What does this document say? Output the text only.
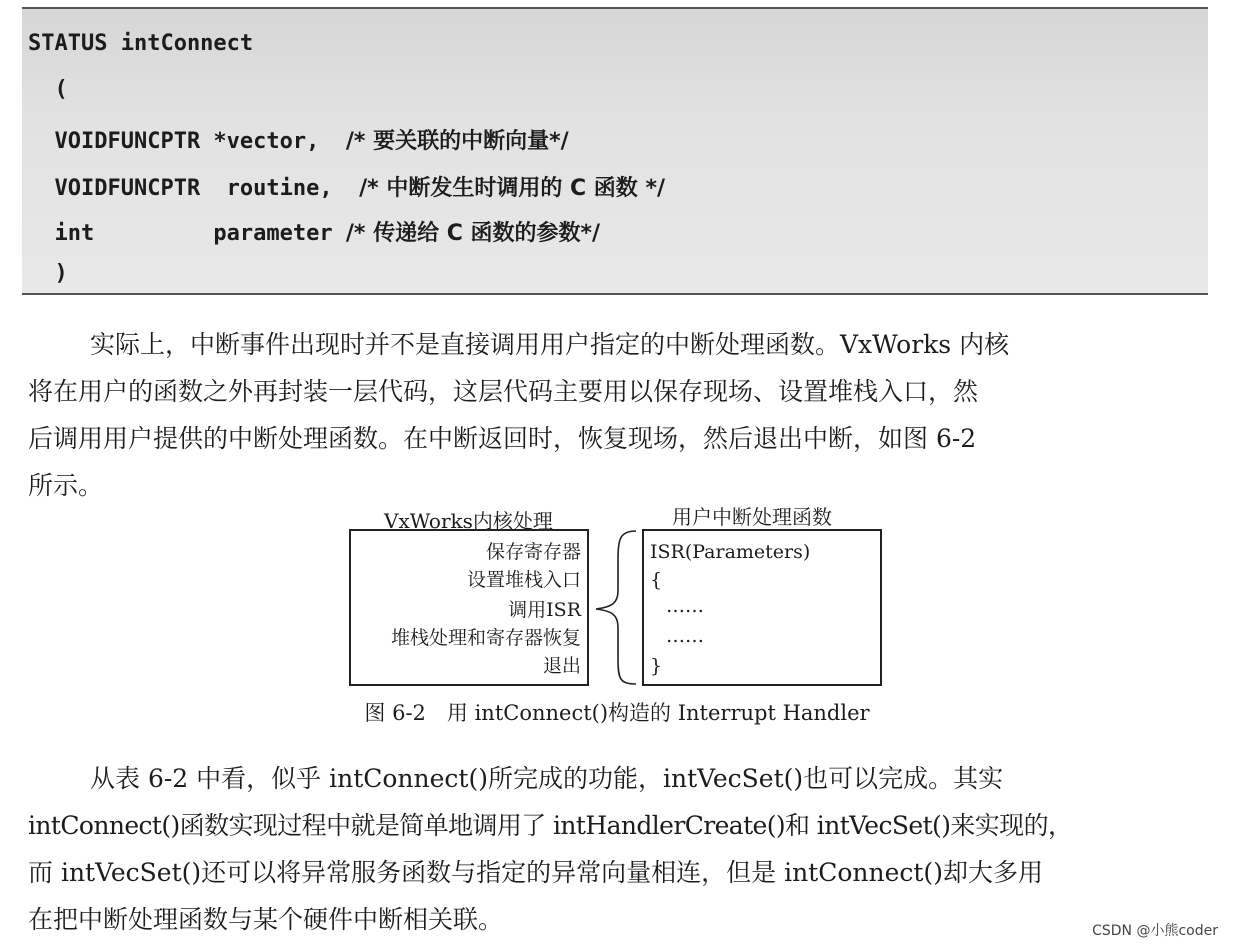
STATUS intConnect
(
VOIDFUNCPTR *vector,  /* 要关联的中断向量*/
VOIDFUNCPTR  routine,  /* 中断发生时调用的 C 函数 */
int         parameter /* 传递给 C 函数的参数*/
)

实际上，中断事件出现时并不是直接调用用户指定的中断处理函数。VxWorks 内核

将在用户的函数之外再封装一层代码，这层代码主要用以保存现场、设置堆栈入口，然

后调用用户提供的中断处理函数。在中断返回时，恢复现场，然后退出中断，如图 6-2

所示。

VxWorks内核处理	用户中断处理函数
保存寄存器
设置堆栈入口
调用ISR
堆栈处理和寄存器恢复
退出
ISR(Parameters)
{
……
……
}
图 6-2　用 intConnect()构造的 Interrupt Handler

从表 6-2 中看，似乎 intConnect()所完成的功能，intVecSet()也可以完成。其实

intConnect()函数实现过程中就是简单地调用了 intHandlerCreate()和 intVecSet()来实现的，

而 intVecSet()还可以将异常服务函数与指定的异常向量相连，但是 intConnect()却大多用

在把中断处理函数与某个硬件中断相关联。	CSDN @小熊coder
